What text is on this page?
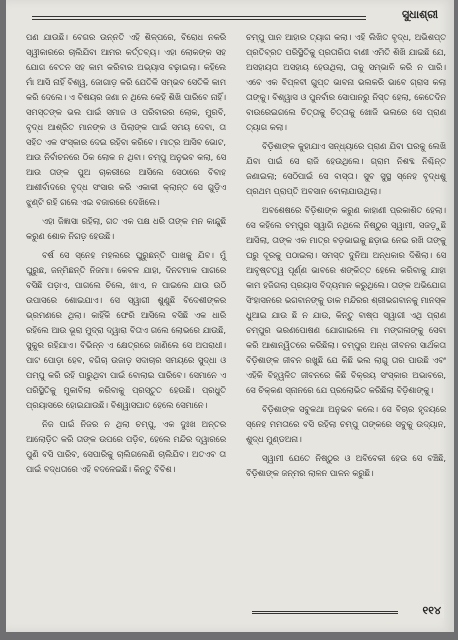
ସୁଧାଶ୍ରୀ

ପଣ ଯାଉଛି। ବେଗର ଉନ୍ନତି ଏହି ଶିଳ୍ପରେ, ବିରୋଧ ନକରି ସ୍ୱୀକାରରେ ଚାଲିଯିବା ଆମର କର୍ତ୍ତବ୍ୟ। ଏହା ଲୋକଙ୍କ ସହ ଯୋଗ ବେତନ ସହ କାମ କରିବାର ଅଭ୍ୟାସ ବଢ଼ାଇଲା। କହିଲେ ମାଁ ଆସି ନାହିଁ ବିଶ୍ୱ, ଜୋଗାଡ଼ କରି ଯେତିକି ସମ୍ଭବ ସେତିକି କାମ କରି ଦେଲେ। ଏ ବିଷୟର ଜଣା ନ ଥିଲେ କେହି ଶିଖି ପାରିବେ ନାହିଁ। ସମସ୍ତଙ୍କ ଭଲ ପାଇଁ ସମାଜ ଓ ପରିବାରର ଲୋକ, ମୁରବି, ବୃଦ୍ଧ ଆଶ୍ରିତ ମାନଙ୍କ ଓ ପିଲାଙ୍କ ପାଇଁ ସମୟ ଦେବା, ତା ସହିତ ଏକ ସଂସ୍କାର ଦେଇ ରହିବା କରିବେ। ମାତ୍ର ଆସିବ ଭୋଟ, ଆଉ ନିର୍ବାଚନରେ ଠିକ ଲୋକ ନ ଥିବା। ଚମ୍ପୁ ଅନୁଭବ କଲା, ସେ ଆଉ ତାଙ୍କ ପୁଅ ଚାକରୀରେ ଆସିଲେ ସେଠାରେ ବିବାହ ଆଶୀର୍ବାଦରେ ବୃଦ୍ଧ ସଂସାର କରି ଏକାକୀ କ୍ଲାନ୍ତ ସେ ଗୁଡ଼ିଏ ଝୁଣ୍ଟି ରହି ଗଲେ ଏଇ ବଜାରରେ ଦେଖିଲେ।

ଏହା ଜିଜ୍ଞାସା ରହିଲା, ଗତ ଏକ ପକ୍ଷ ଧରି ତାଙ୍କ ମନ କାନ୍ଦୁଛି କରୁଣ ଶୋକ ନିଗଡ଼ ହେଉଛି।

ବର୍ଷ ସେ ସ୍ନେହ ମହଲରେ ଘୁରୁଛନ୍ତି ପାଖକୁ ଯିବ। ମୁଁ ଘୁରୁଛ, ଜନ୍ମିଛନ୍ତି ନିଜମା। କେବଳ ଯାହା, ଦିନଟମାକ ପାଗରେ ବସିଛି ପଡ଼ାଏ, ପାଗଲେ ଚିଲେ, ଖାଏ, ନ ପାଇଲେ ଯାଉ ଉଠି ଉପାସରେ ଶୋଇଯାଏ। ସେ ସ୍ୱାଗୀ ଶୁଣୁଛି ବିଦେଶୀଙ୍କର ଭ୍ରମଣରେ ଥିଲା। କାହିଁକି ଫେରି ଆସିଲେ ବସିଛି ଏକ ଧାରି ରହିଲେ ଆଉ ଭୂରା ମୁଦ୍ରା ଦ୍ୱାରା ବିତାଏ ଗଲେ ଲୋଭରେ ଯାଉଛି, ସୁକୁର ରହିଯାଏ। ବିଭିନ୍ନ ଏ କ୍ଷେତ୍ରରେ ଜାଣିଲେ ସେ ଅପରାଧୀ। ପାଟ ପୋଡ଼ା ହେବ, ବଗିଚା ଉଜାଡ଼ ସଦାଚାର ସମୟରେ ସୁଦ୍ଧା ଓ ପମ୍ପୁ କରି ରହି ପାରୁଥିବା ପାଇଁ ବୋଲାଇ ପାରିବେ। ସେମାନେ ଏ ପରିସ୍ଥିତିକୁ ମୁକାବିଲା କରିବାକୁ ପ୍ରସ୍ତୁତ ହେଉଛି। ପ୍ରଧୁତି ପ୍ରୟାସରେ ହୋଇଯାଉଛି। ବିଶ୍ୱାସଘାତ ହେଲେ ସେମାନେ।

ନିଜ ପାଇଁ ନିଜର ନ ଥିଲା ଚମ୍ପୁ, ଏକ ଦୁଃଖ ଅନ୍ତର ଆଲୋଡ଼ିତ କରି ତାଙ୍କ ଉପରେ ପଡ଼ିବ, ହେଲେ ମନ୍ଦିର ଦ୍ୱାରରେ ପୁଣି ବସି ପାରିବ, ସେପାରିକୁ ଚାଲିଗଲେଣି ଚାଲିଯିବ। ଅତଏବ ତା ପାଇଁ ବଦ୍ଧତାରେ ଏହି ବଦଳେଇଛି। କିନ୍ତୁ ବିବିଶ।

ଚମ୍ପୁ ପାନ ଆହାର ତ୍ୟାଗ କଲା। ଏହି ଲିଖିତ ବୃଦ୍ଧ, ଅଭିଶପ୍ତ ପ୍ରତିବ୍ରତ ପରିସ୍ଥିତିକୁ ପ୍ରତାରିତା ବାଣୀ ଏମିତି ଶିଖି ଯାଇଛି ଯେ, ଅସହାୟତା ଅସହାୟ ହେଉଥିଲା, ତାକୁ ସମ୍ଭାଳି କରି ନ ପାରି। ଏବେ ଏକ ବିପ୍ଳବୀ ଗୁପ୍ତ ଭାବନା ଭଲକରି ଭାବେ ଗ୍ରାସ କଲା ତାଙ୍କୁ। ବିଶ୍ୱାସ ଓ ପୁନର୍ବାର ସୋପାନରୁ ନିସ୍ତ ହେଲା, କେତେଦିନ ବାଉରେଇଗଲେ ଚିତ୍ତାକୁ ଚିତ୍ତାକୁ ଖୋଜି ଭଲରେ ସେ ପ୍ରାଣ ତ୍ୟାଗ କଲା।

ବିଡ଼ିଶାଙ୍କ କୁହାଯାଏ ସନ୍ଧ୍ୟାରେ ପ୍ରାଣ ଯିବା ଘରକୁ ଲେଖି ଯିବା ପାଇଁ ସେ ରାଜି ହେଉଥିଲେ। ଗ୍ରାମ ନିଶବ୍ଦ ନିଶ୍ଚିନ୍ତ ଜଣାଇଲା; ସେଠିପାଇଁ ସେ ବାସ୍ତା। ସୁବ ସୁସ୍ଥ ସ୍ନେହ ବୃଦ୍ଧଶୁ ପ୍ରଥମ ପ୍ରାପ୍ତି ଅବସାନ ବୋଲାଯାଉଥିଲା।

ଅବଶେଷରେ ବିଡ଼ିଶାଙ୍କ କରୁଣ କାହାଣୀ ପ୍ରକାଶିତ ହେଲା। ସେ କହିଲେ ଚମ୍ପୁର ସ୍ୱାଗି ନଥିଲେ ନିଷ୍ଠୁର ସ୍ୱାମୀ, ସଜଡ଼ୁଛି ଆସିଲା, ତାଙ୍କ ଏକ ମାତ୍ର ବଡ଼ଭାଇକୁ ଛଡ଼ାଇ ନେଇ ରଖି ତାଙ୍କୁ ଘରୁ ଦୂରକୁ ପଠାଇଲା। ସମସ୍ତ ଦୁନିଆ ଅନ୍ଧକାର ଦିଶିଲା। ସେ ଆବୃଷ୍ଟତ୍ୱ ପୂର୍ଣ୍ଣ ଭାବରେ ଶଙ୍କିତ୍ତ ହେଲେ କରିବାକୁ ଯାହା କାମ ହଜିଗଲା ପ୍ରୟାସ ବିଦ୍ୟମାନ କରୁଥିଲେ। ତାଙ୍କ ଅଭିଯୋଗ ସିଂହାସନରେ ଭଗବାନଙ୍କୁ ଡାକ ମନ୍ଦିରର ଶ୍ରୀଭଗବାନକୁ ମାନସ୍କ ଧୁଆଇ ଯାଉ ଛି ନ ଯାଉ, କିନ୍ତୁ ବାଷ୍ପ ସ୍ୱାଗୀ ଏଥି ପ୍ରାଣ ଚମ୍ପୁର ଭରଣପୋଷଣ ଯୋଗାଇଲେ ମା ମଙ୍ଗଳାଙ୍କୁ ସେବା କରି ଆଶାନ୍ୱିତରେ କରିଛିଲା। ଚମ୍ପୁର ଅନ୍ଧ ଜୀବନର ସାର୍ଥକତା ବିଡ଼ିଶାଙ୍କ ଜୀବନ ରଖୁଛି ଯେ କିଛି ଭଲ ଲାଗୁ ତାର ପାଉଛି ଏବଂ ଏହିକି ବିହ୍ୱଳିତ ଜୀବନରେ କିଛି ବିକ୍ରୟ ସଂସ୍କାର ଅଭାବରେ, ସେ ଚିକ୍କଣ ସ୍ନାନରେ ଯେ ପ୍ରଲୋଭିତ କରିଛିଲା ବିଡ଼ିଶାଙ୍କୁ।

ବିଡ଼ିଶାଙ୍କ ସବୁକଥା ଅନୁଭବ କଲେ। ସେ ବିଚାର ହୃଦୟରେ ସ୍ନେହ ମମତାରେ ବସି ରହିଲା ଚମ୍ପୁ ତାଙ୍କରେ ସବୁକୁ ଉଦ୍ୟାନ, ଶୁଦ୍ଧ ମୁଣ୍ଡଅନା।

ସ୍ୱାମୀ ଯେତେ ନିଷ୍ଠୁର ଓ ଅବିବେକୀ ହେଉ ସେ ବଞ୍ଚିଛି, ବିଡ଼ିଶାଙ୍କ ଜନ୍ମର ଲାଳନ ପାଳନ କରୁଛି।

୧୧୪
